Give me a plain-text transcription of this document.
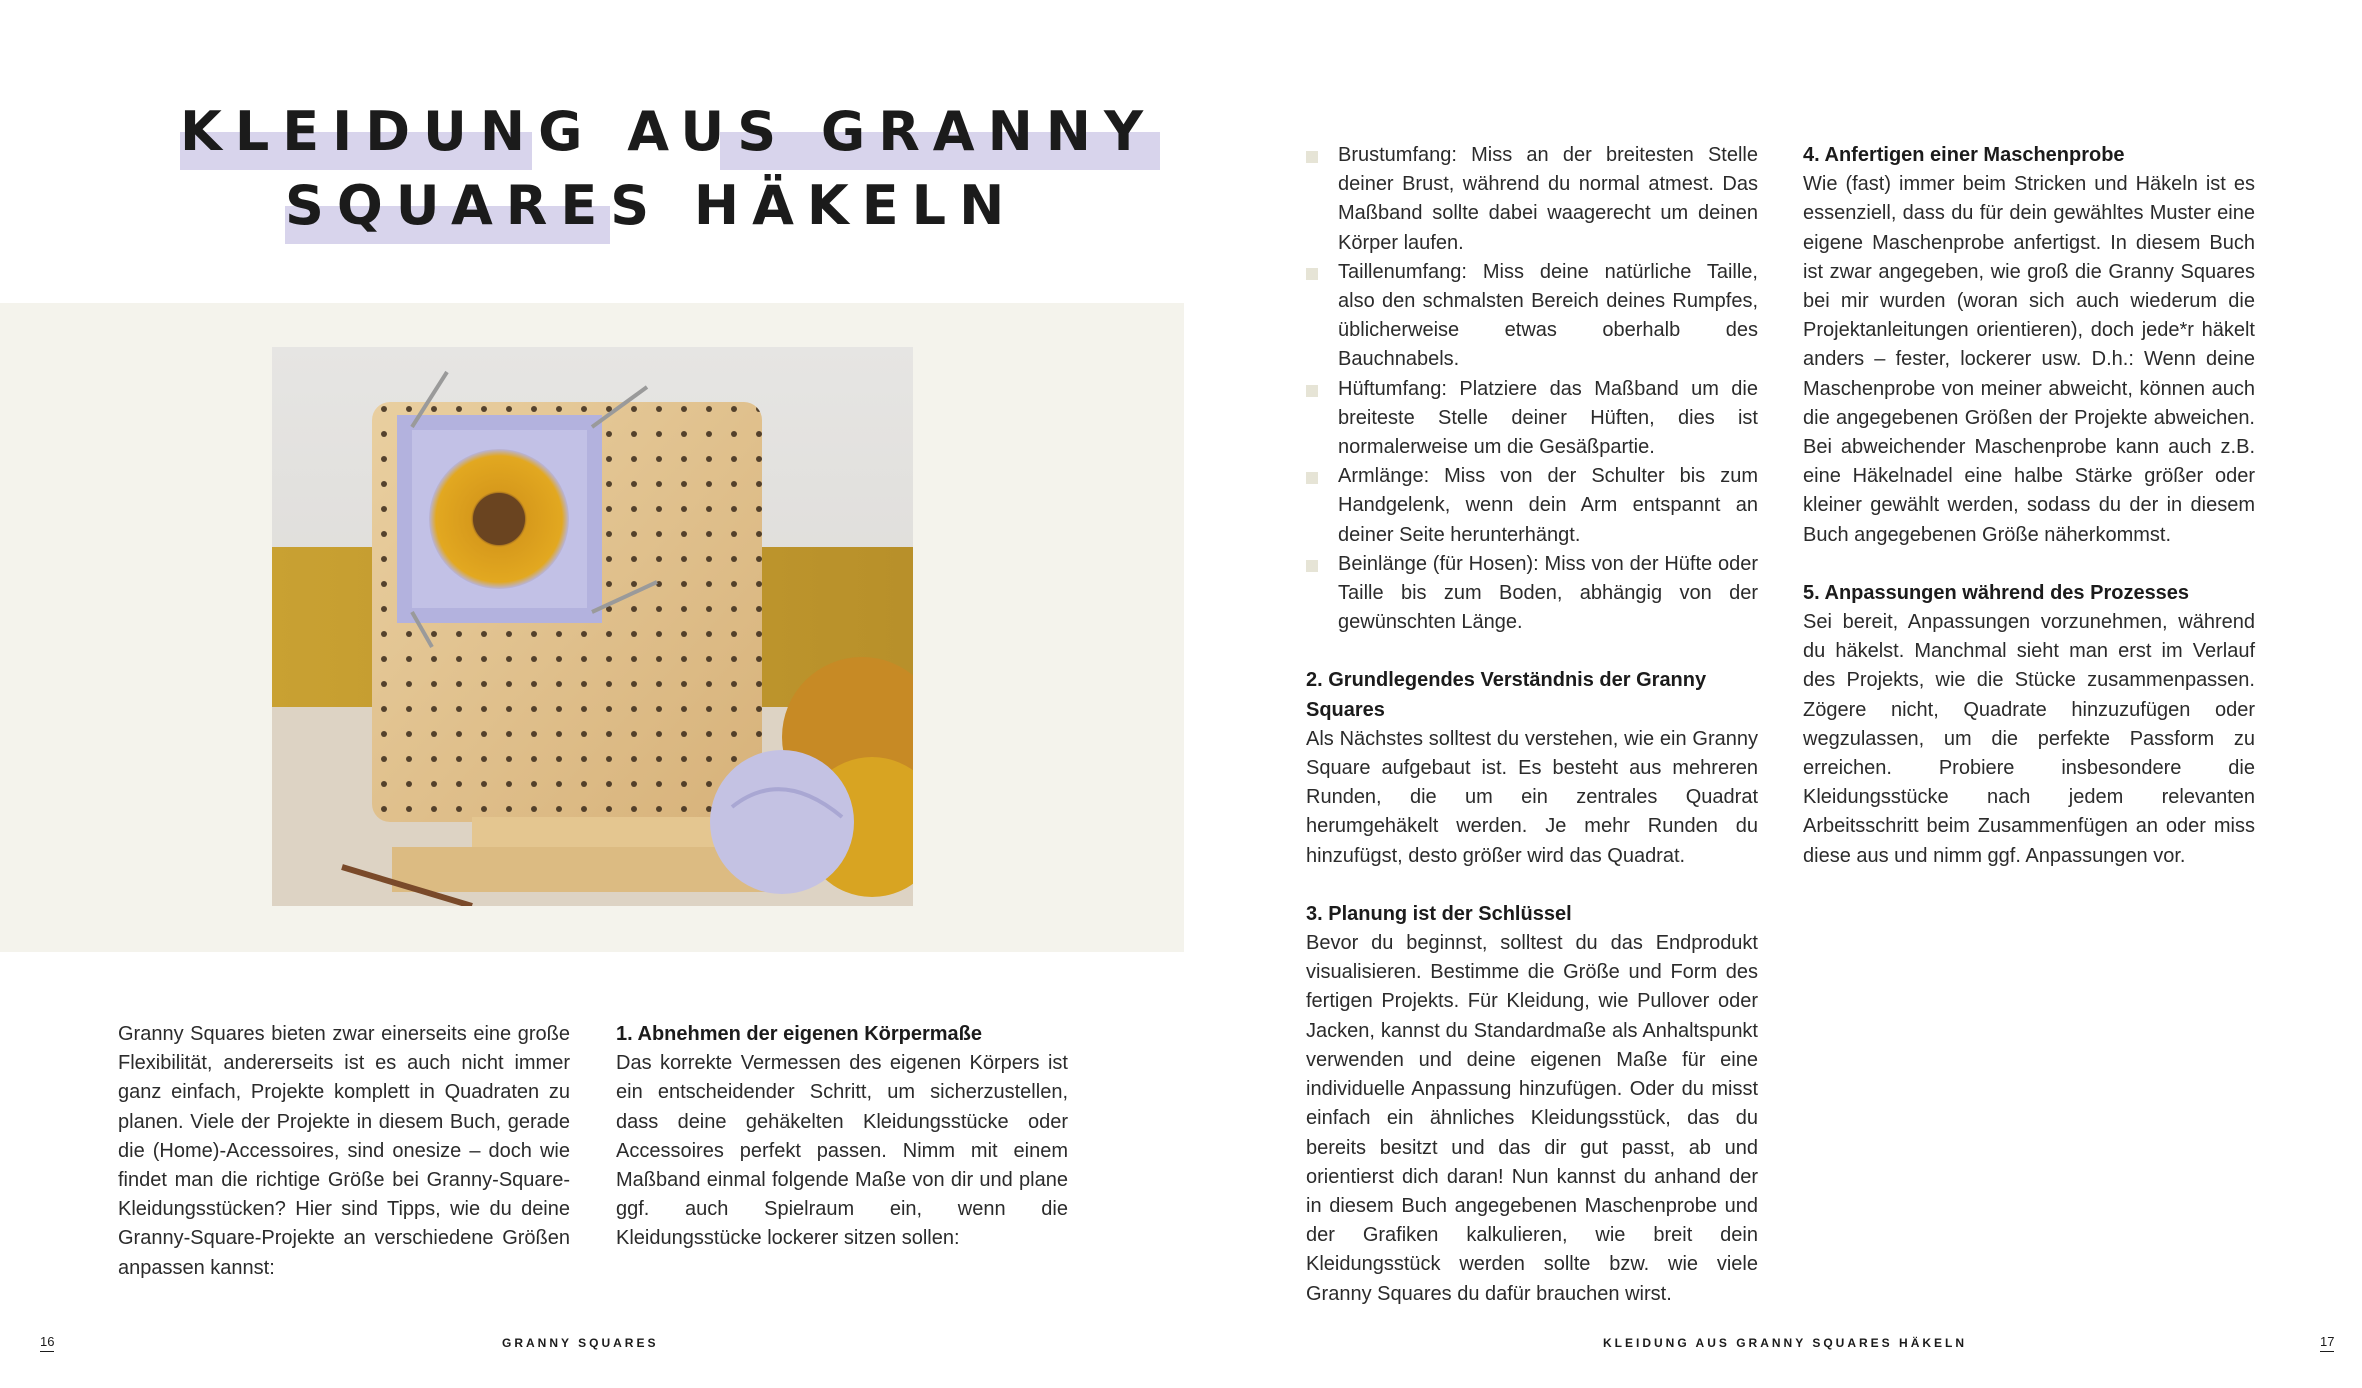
KLEIDUNG AUS GRANNY
SQUARES HÄKELN

Granny Squares bieten zwar einerseits eine große Flexibilität, andererseits ist es auch nicht immer ganz einfach, Projekte komplett in Quadraten zu planen. Viele der Projekte in diesem Buch, gerade die (Home)-Accessoires, sind onesize – doch wie findet man die richtige Größe bei Granny-Square-Kleidungsstücken? Hier sind Tipps, wie du deine Granny-Square-Projekte an verschiedene Größen anpassen kannst:

1. Abnehmen der eigenen Körpermaße

Das korrekte Vermessen des eigenen Körpers ist ein entscheidender Schritt, um sicherzustellen, dass deine gehäkelten Kleidungsstücke oder Accessoires perfekt passen. Nimm mit einem Maßband einmal folgende Maße von dir und plane ggf. auch Spielraum ein, wenn die Kleidungsstücke lockerer sitzen sollen:

16	GRANNY SQUARES
Brustumfang: Miss an der breitesten Stelle deiner Brust, während du normal atmest. Das Maßband sollte dabei waagerecht um deinen Körper laufen.
Taillenumfang: Miss deine natürliche Taille, also den schmalsten Bereich deines Rumpfes, üblicherweise etwas oberhalb des Bauchnabels.
Hüftumfang: Platziere das Maßband um die breiteste Stelle deiner Hüften, dies ist normalerweise um die Gesäßpartie.
Armlänge: Miss von der Schulter bis zum Handgelenk, wenn dein Arm entspannt an deiner Seite herunterhängt.
Beinlänge (für Hosen): Miss von der Hüfte oder Taille bis zum Boden, abhängig von der gewünschten Länge.
2. Grundlegendes Verständnis der Granny Squares

Als Nächstes solltest du verstehen, wie ein Granny Square aufgebaut ist. Es besteht aus mehreren Runden, die um ein zentrales Quadrat herumgehäkelt werden. Je mehr Runden du hinzufügst, desto größer wird das Quadrat.

3. Planung ist der Schlüssel

Bevor du beginnst, solltest du das Endprodukt visualisieren. Bestimme die Größe und Form des fertigen Projekts. Für Kleidung, wie Pullover oder Jacken, kannst du Standardmaße als Anhaltspunkt verwenden und deine eigenen Maße für eine individuelle Anpassung hinzufügen. Oder du misst einfach ein ähnliches Kleidungsstück, das du bereits besitzt und das dir gut passt, ab und orientierst dich daran! Nun kannst du anhand der in diesem Buch angegebenen Maschenprobe und der Grafiken kalkulieren, wie breit dein Kleidungsstück werden sollte bzw. wie viele Granny Squares du dafür brauchen wirst.

4. Anfertigen einer Maschenprobe

Wie (fast) immer beim Stricken und Häkeln ist es essenziell, dass du für dein gewähltes Muster eine eigene Maschenprobe anfertigst. In diesem Buch ist zwar angegeben, wie groß die Granny Squares bei mir wurden (woran sich auch wiederum die Projektanleitungen orientieren), doch jede*r häkelt anders – fester, lockerer usw. D.h.: Wenn deine Maschenprobe von meiner abweicht, können auch die angegebenen Größen der Projekte abweichen. Bei abweichender Maschenprobe kann auch z.B. eine Häkelnadel eine halbe Stärke größer oder kleiner gewählt werden, sodass du der in diesem Buch angegebenen Größe näherkommst.

5. Anpassungen während des Prozesses

Sei bereit, Anpassungen vorzunehmen, während du häkelst. Manchmal sieht man erst im Verlauf des Projekts, wie die Stücke zusammenpassen. Zögere nicht, Quadrate hinzuzufügen oder wegzulassen, um die perfekte Passform zu erreichen. Probiere insbesondere die Kleidungsstücke nach jedem relevanten Arbeitsschritt beim Zusammenfügen an oder miss diese aus und nimm ggf. Anpassungen vor.

KLEIDUNG AUS GRANNY SQUARES HÄKELN	17
